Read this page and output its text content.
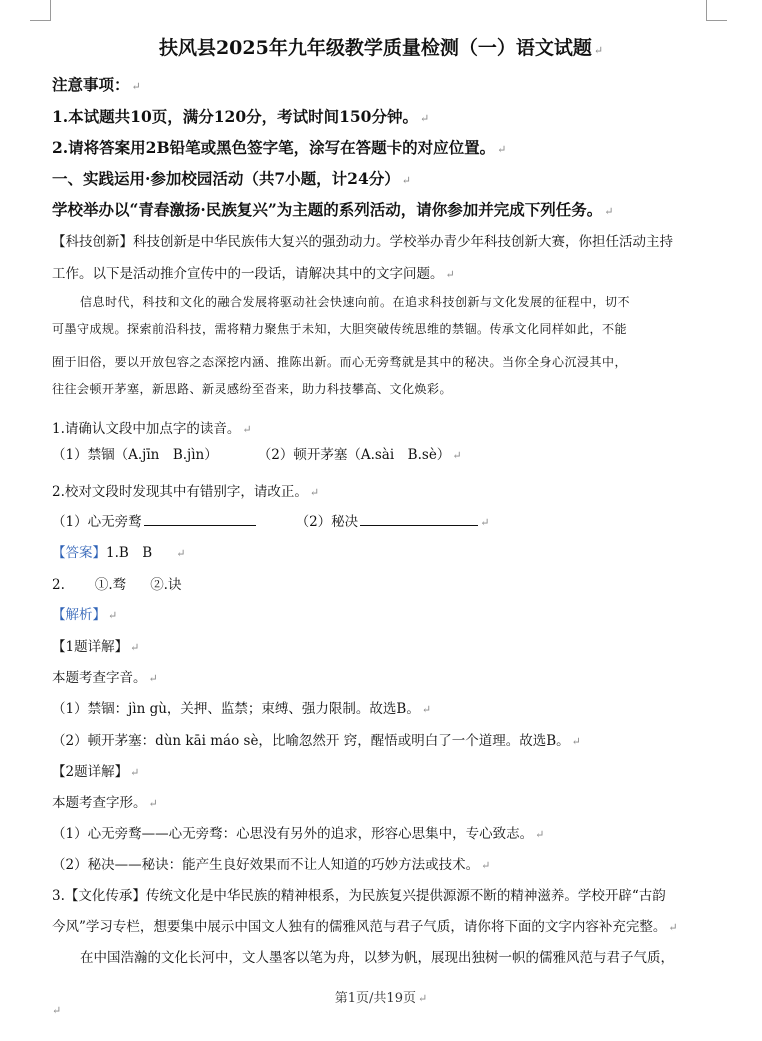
扶风县2025年九年级教学质量检测（一）语文试题 ↵
注意事项： ↵
1.本试题共10页，满分120分，考试时间150分钟。 ↵
2.请将答案用2B铅笔或黑色签字笔，涂写在答题卡的对应位置。 ↵
一、实践运用·参加校园活动（共7小题，计24分） ↵
学校举办以“青春激扬·民族复兴”为主题的系列活动，请你参加并完成下列任务。 ↵
【科技创新】科技创新是中华民族伟大复兴的强劲动力。学校举办青少年科技创新大赛，你担任活动主持
工作。以下是活动推介宣传中的一段话，请解决其中的文字问题。 ↵
信息时代，科技和文化的融合发展将驱动社会快速向前。在追求科技创新与文化发展的征程中，切不
可墨守成规。探索前沿科技，需将精力聚焦于未知，大胆突破传统思维的禁锢。传承文化同样如此，不能
囿于旧俗，要以开放包容之态深挖内涵、推陈出新。而心无旁骛就是其中的秘决。当你全身心沉浸其中，
往往会顿开茅塞，新思路、新灵感纷至沓来，助力科技攀高、文化焕彩。
1.请确认文段中加点字的读音。 ↵
（1）禁锢（A.jīn　B.jìn）	（2）顿开茅塞（A.sài　B.sè） ↵
2.校对文段时发现其中有错别字，请改正。 ↵
（1）心无旁鹜	（2）秘决	↵
【答案】1.B　B ↵
2. ①.骛 ②.诀
【解析】 ↵
【1题详解】 ↵
本题考查字音。 ↵
（1）禁锢：jìn gù，关押、监禁；束缚、强力限制。故选B。 ↵
（2）顿开茅塞：dùn kāi máo sè，比喻忽然开 窍，醒悟或明白了一个道理。故选B。 ↵
【2题详解】 ↵
本题考查字形。 ↵
（1）心无旁鹜——心无旁骛：心思没有另外的追求，形容心思集中，专心致志。 ↵
（2）秘决——秘诀：能产生良好效果而不让人知道的巧妙方法或技术。 ↵
3.【文化传承】传统文化是中华民族的精神根系，为民族复兴提供源源不断的精神滋养。学校开辟“古韵
今风”学习专栏，想要集中展示中国文人独有的儒雅风范与君子气质，请你将下面的文字内容补充完整。 ↵
在中国浩瀚的文化长河中，文人墨客以笔为舟，以梦为帆，展现出独树一帜的儒雅风范与君子气质，
第1页/共19页 ↵
↵
